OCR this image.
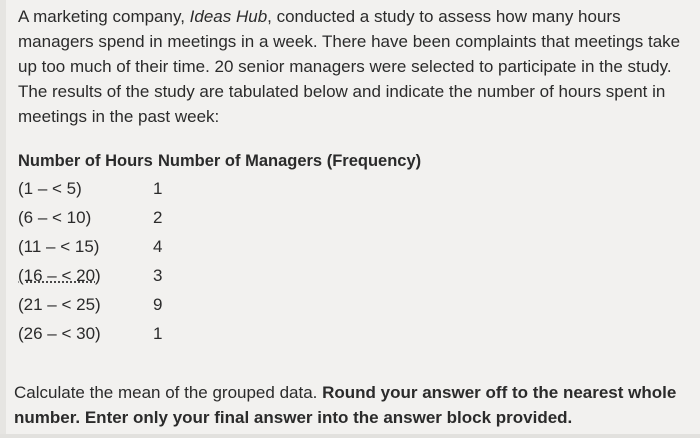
A marketing company, Ideas Hub, conducted a study to assess how many hours managers spend in meetings in a week. There have been complaints that meetings take up too much of their time. 20 senior managers were selected to participate in the study. The results of the study are tabulated below and indicate the number of hours spent in meetings in the past week:

Number of Hours Number of Managers (Frequency)
(1 – < 5)	1
(6 – < 10)	2
(11 – < 15)	4
(16 – < 20)	3
(21 – < 25)	9
(26 – < 30)	1

Calculate the mean of the grouped data. Round your answer off to the nearest whole number. Enter only your final answer into the answer block provided.
